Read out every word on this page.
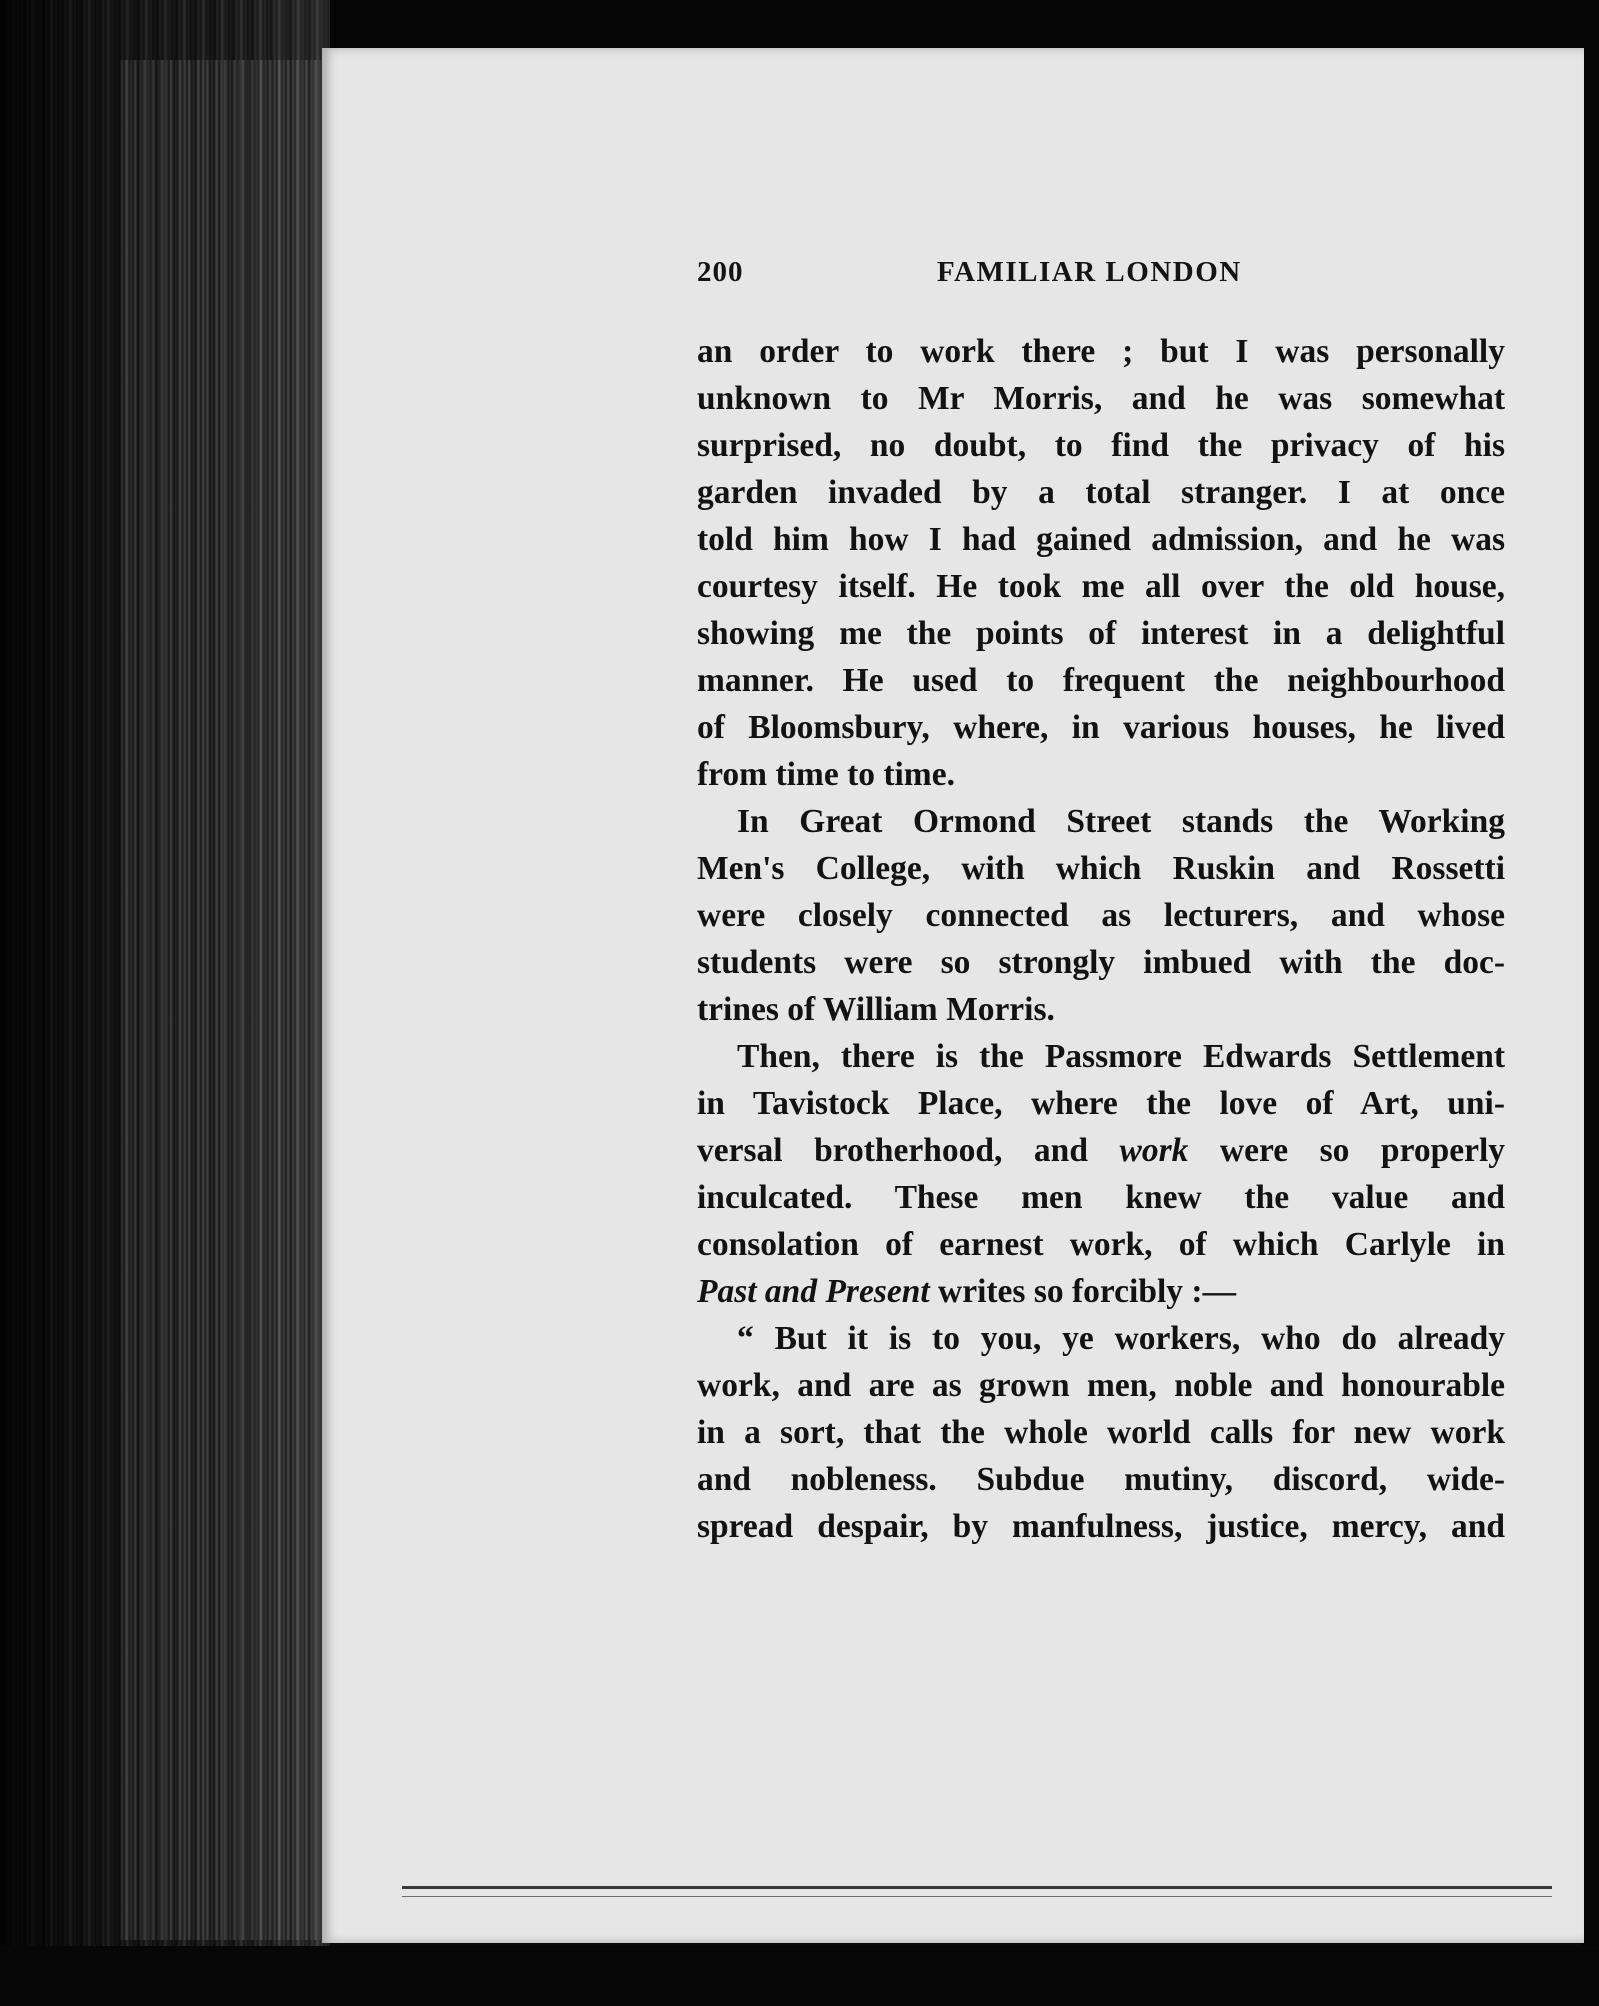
200	FAMILIAR LONDON

an order to work there ; but I was personally
unknown to Mr Morris, and he was somewhat
surprised, no doubt, to find the privacy of his
garden invaded by a total stranger. I at once
told him how I had gained admission, and he was
courtesy itself. He took me all over the old house,
showing me the points of interest in a delightful
manner. He used to frequent the neighbourhood
of Bloomsbury, where, in various houses, he lived
from time to time.

In Great Ormond Street stands the Working
Men's College, with which Ruskin and Rossetti
were closely connected as lecturers, and whose
students were so strongly imbued with the doc-
trines of William Morris.

Then, there is the Passmore Edwards Settlement
in Tavistock Place, where the love of Art, uni-
versal brotherhood, and work were so properly
inculcated. These men knew the value and
consolation of earnest work, of which Carlyle in
Past and Present writes so forcibly :—

“ But it is to you, ye workers, who do already
work, and are as grown men, noble and honourable
in a sort, that the whole world calls for new work
and nobleness. Subdue mutiny, discord, wide-
spread despair, by manfulness, justice, mercy, and
